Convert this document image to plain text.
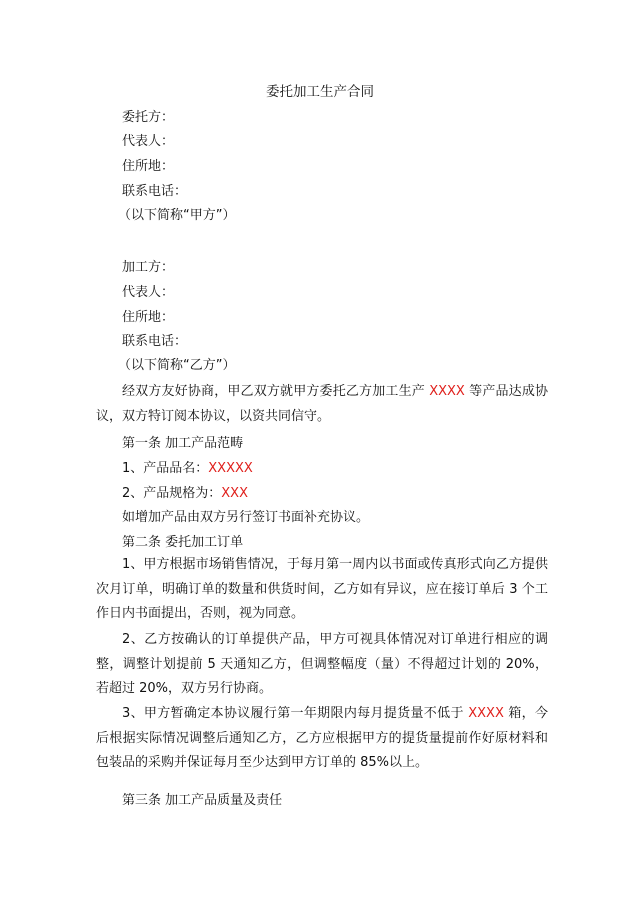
委托加工生产合同
委托方：
代表人：
住所地：
联系电话：
（以下简称“甲方”）
加工方：
代表人：
住所地：
联系电话：
（以下简称“乙方”）
经双方友好协商，甲乙双方就甲方委托乙方加工生产 XXXX 等产品达成协议，双方特订阅本协议，以资共同信守。
第一条 加工产品范畴
1、产品品名：XXXXX
2、产品规格为：XXX
如增加产品由双方另行签订书面补充协议。
第二条 委托加工订单
1、甲方根据市场销售情况，于每月第一周内以书面或传真形式向乙方提供次月订单，明确订单的数量和供货时间，乙方如有异议，应在接订单后 3 个工作日内书面提出，否则，视为同意。
2、乙方按确认的订单提供产品，甲方可视具体情况对订单进行相应的调整，调整计划提前 5 天通知乙方，但调整幅度（量）不得超过计划的 20%，若超过 20%，双方另行协商。
3、甲方暂确定本协议履行第一年期限内每月提货量不低于 XXXX 箱，今后根据实际情况调整后通知乙方，乙方应根据甲方的提货量提前作好原材料和包装品的采购并保证每月至少达到甲方订单的 85%以上。
第三条 加工产品质量及责任
